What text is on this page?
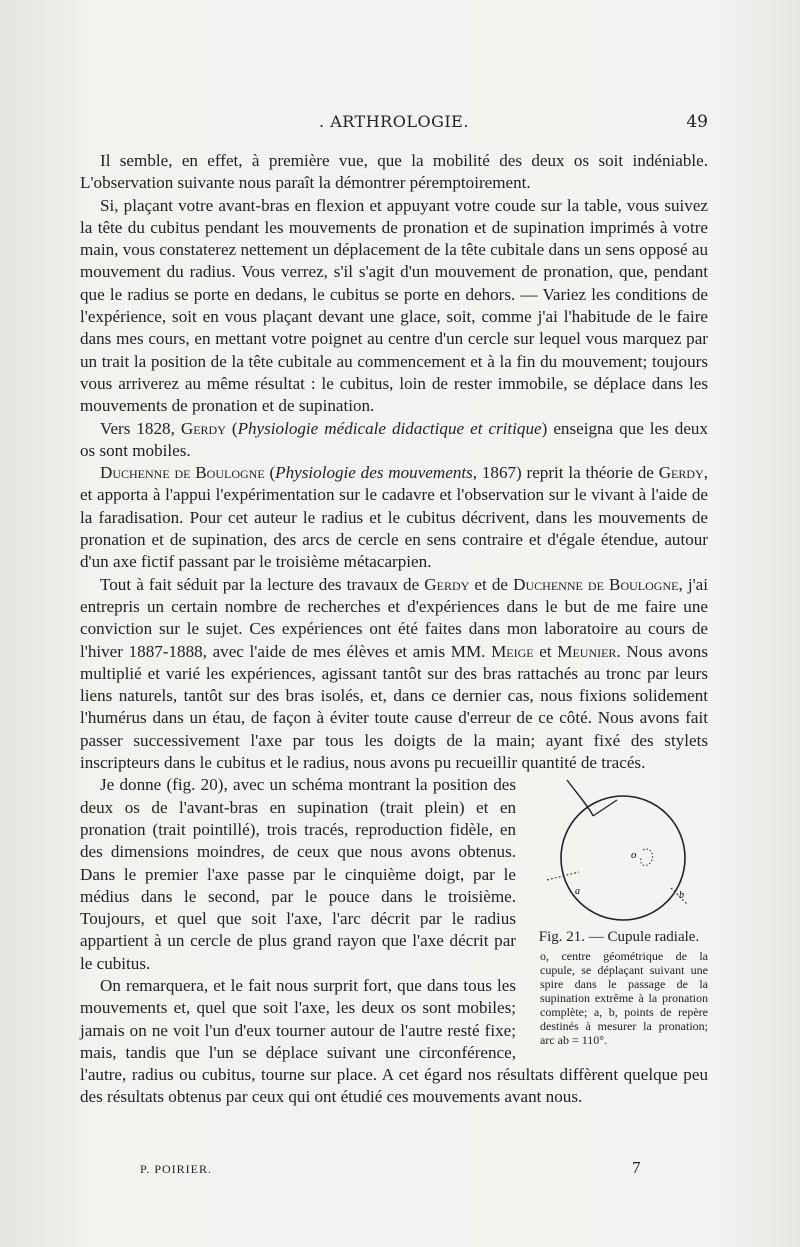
. ARTHROLOGIE.	49

Il semble, en effet, à première vue, que la mobilité des deux os soit indéniable. L'observation suivante nous paraît la démontrer péremptoirement.

Si, plaçant votre avant-bras en flexion et appuyant votre coude sur la table, vous suivez la tête du cubitus pendant les mouvements de pronation et de supination imprimés à votre main, vous constaterez nettement un déplacement de la tête cubitale dans un sens opposé au mouvement du radius. Vous verrez, s'il s'agit d'un mouvement de pronation, que, pendant que le radius se porte en dedans, le cubitus se porte en dehors. — Variez les conditions de l'expérience, soit en vous plaçant devant une glace, soit, comme j'ai l'habitude de le faire dans mes cours, en mettant votre poignet au centre d'un cercle sur lequel vous marquez par un trait la position de la tête cubitale au commencement et à la fin du mouvement; toujours vous arriverez au même résultat : le cubitus, loin de rester immobile, se déplace dans les mouvements de pronation et de supination.

Vers 1828, Gerdy (Physiologie médicale didactique et critique) enseigna que les deux os sont mobiles.

Duchenne de Boulogne (Physiologie des mouvements, 1867) reprit la théorie de Gerdy, et apporta à l'appui l'expérimentation sur le cadavre et l'observation sur le vivant à l'aide de la faradisation. Pour cet auteur le radius et le cubitus décrivent, dans les mouvements de pronation et de supination, des arcs de cercle en sens contraire et d'égale étendue, autour d'un axe fictif passant par le troisième métacarpien.

Tout à fait séduit par la lecture des travaux de Gerdy et de Duchenne de Boulogne, j'ai entrepris un certain nombre de recherches et d'expériences dans le but de me faire une conviction sur le sujet. Ces expériences ont été faites dans mon laboratoire au cours de l'hiver 1887-1888, avec l'aide de mes élèves et amis MM. Meige et Meunier. Nous avons multiplié et varié les expériences, agissant tantôt sur des bras rattachés au tronc par leurs liens naturels, tantôt sur des bras isolés, et, dans ce dernier cas, nous fixions solidement l'humérus dans un étau, de façon à éviter toute cause d'erreur de ce côté. Nous avons fait passer successivement l'axe par tous les doigts de la main; ayant fixé des stylets inscripteurs dans le cubitus et le radius, nous avons pu recueillir quantité de tracés.

o
a	b
Fig. 21. — Cupule radiale.
o, centre géométrique de la cupule, se déplaçant suivant une spire dans le passage de la supination extrême à la pronation complète; a, b, points de repère destinés à mesurer la pronation; arc ab = 110°.

Je donne (fig. 20), avec un schéma montrant la position des deux os de l'avant-bras en supination (trait plein) et en pronation (trait pointillé), trois tracés, reproduction fidèle, en des dimensions moindres, de ceux que nous avons obtenus. Dans le premier l'axe passe par le cinquième doigt, par le médius dans le second, par le pouce dans le troisième. Toujours, et quel que soit l'axe, l'arc décrit par le radius appartient à un cercle de plus grand rayon que l'axe décrit par le cubitus.

On remarquera, et le fait nous surprit fort, que dans tous les mouvements et, quel que soit l'axe, les deux os sont mobiles; jamais on ne voit l'un d'eux tourner autour de l'autre resté fixe; mais, tandis que l'un se déplace suivant une circonférence, l'autre, radius ou cubitus, tourne sur place. A cet égard nos résultats diffèrent quelque peu des résultats obtenus par ceux qui ont étudié ces mouvements avant nous.

P. POIRIER.	7
